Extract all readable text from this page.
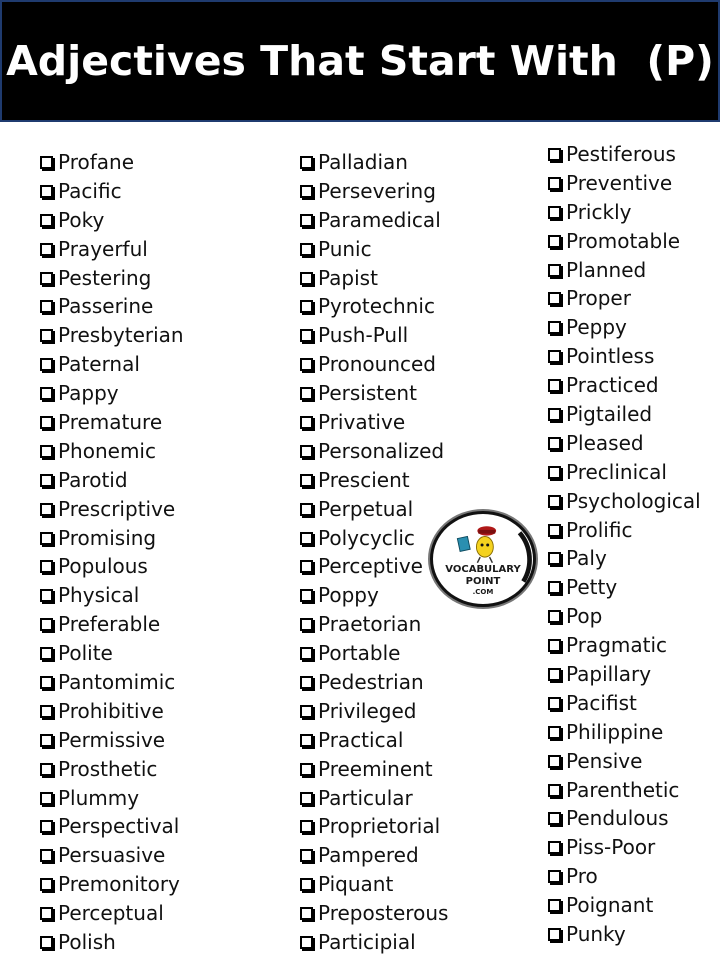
Adjectives That Start With  (P)
Profane
Pacific
Poky
Prayerful
Pestering
Passerine
Presbyterian
Paternal
Pappy
Premature
Phonemic
Parotid
Prescriptive
Promising
Populous
Physical
Preferable
Polite
Pantomimic
Prohibitive
Permissive
Prosthetic
Plummy
Perspectival
Persuasive
Premonitory
Perceptual
Polish
Palladian
Persevering
Paramedical
Punic
Papist
Pyrotechnic
Push-Pull
Pronounced
Persistent
Privative
Personalized
Prescient
Perpetual
Polycyclic
Perceptive
Poppy
Praetorian
Portable
Pedestrian
Privileged
Practical
Preeminent
Particular
Proprietorial
Pampered
Piquant
Preposterous
Participial
Pestiferous
Preventive
Prickly
Promotable
Planned
Proper
Peppy
Pointless
Practiced
Pigtailed
Pleased
Preclinical
Psychological
Prolific
Paly
Petty
Pop
Pragmatic
Papillary
Pacifist
Philippine
Pensive
Parenthetic
Pendulous
Piss-Poor
Pro
Poignant
Punky
VOCABULARY
POINT
.COM
